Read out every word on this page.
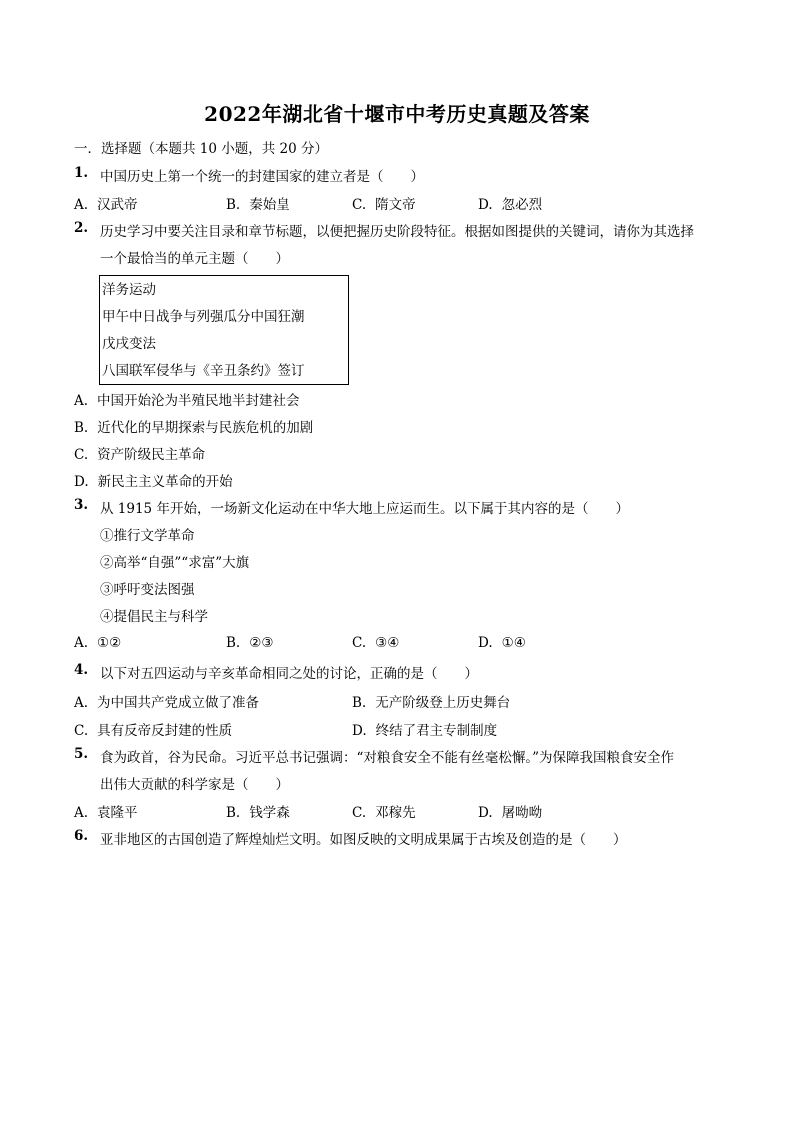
2022年湖北省十堰市中考历史真题及答案
一．选择题（本题共 10 小题，共 20 分）
1. 中国历史上第一个统一的封建国家的建立者是（　　）
A. 汉武帝	B. 秦始皇	C. 隋文帝	D. 忽必烈
2. 历史学习中要关注目录和章节标题，以便把握历史阶段特征。根据如图提供的关键词，请你为其选择
一个最恰当的单元主题（　　）
洋务运动
甲午中日战争与列强瓜分中国狂潮
戊戌变法
八国联军侵华与《辛丑条约》签订
A. 中国开始沦为半殖民地半封建社会
B. 近代化的早期探索与民族危机的加剧
C. 资产阶级民主革命
D. 新民主主义革命的开始
3. 从 1915 年开始，一场新文化运动在中华大地上应运而生。以下属于其内容的是（　　）
①推行文学革命
②高举“自强”“求富”大旗
③呼吁变法图强
④提倡民主与科学
A. ①②	B. ②③	C. ③④	D. ①④
4. 以下对五四运动与辛亥革命相同之处的讨论，正确的是（　　）
A. 为中国共产党成立做了准备	B. 无产阶级登上历史舞台
C. 具有反帝反封建的性质	D. 终结了君主专制制度
5. 食为政首，谷为民命。习近平总书记强调：“对粮食安全不能有丝毫松懈。”为保障我国粮食安全作
出伟大贡献的科学家是（　　）
A. 袁隆平	B. 钱学森	C. 邓稼先	D. 屠呦呦
6. 亚非地区的古国创造了辉煌灿烂文明。如图反映的文明成果属于古埃及创造的是（　　）
